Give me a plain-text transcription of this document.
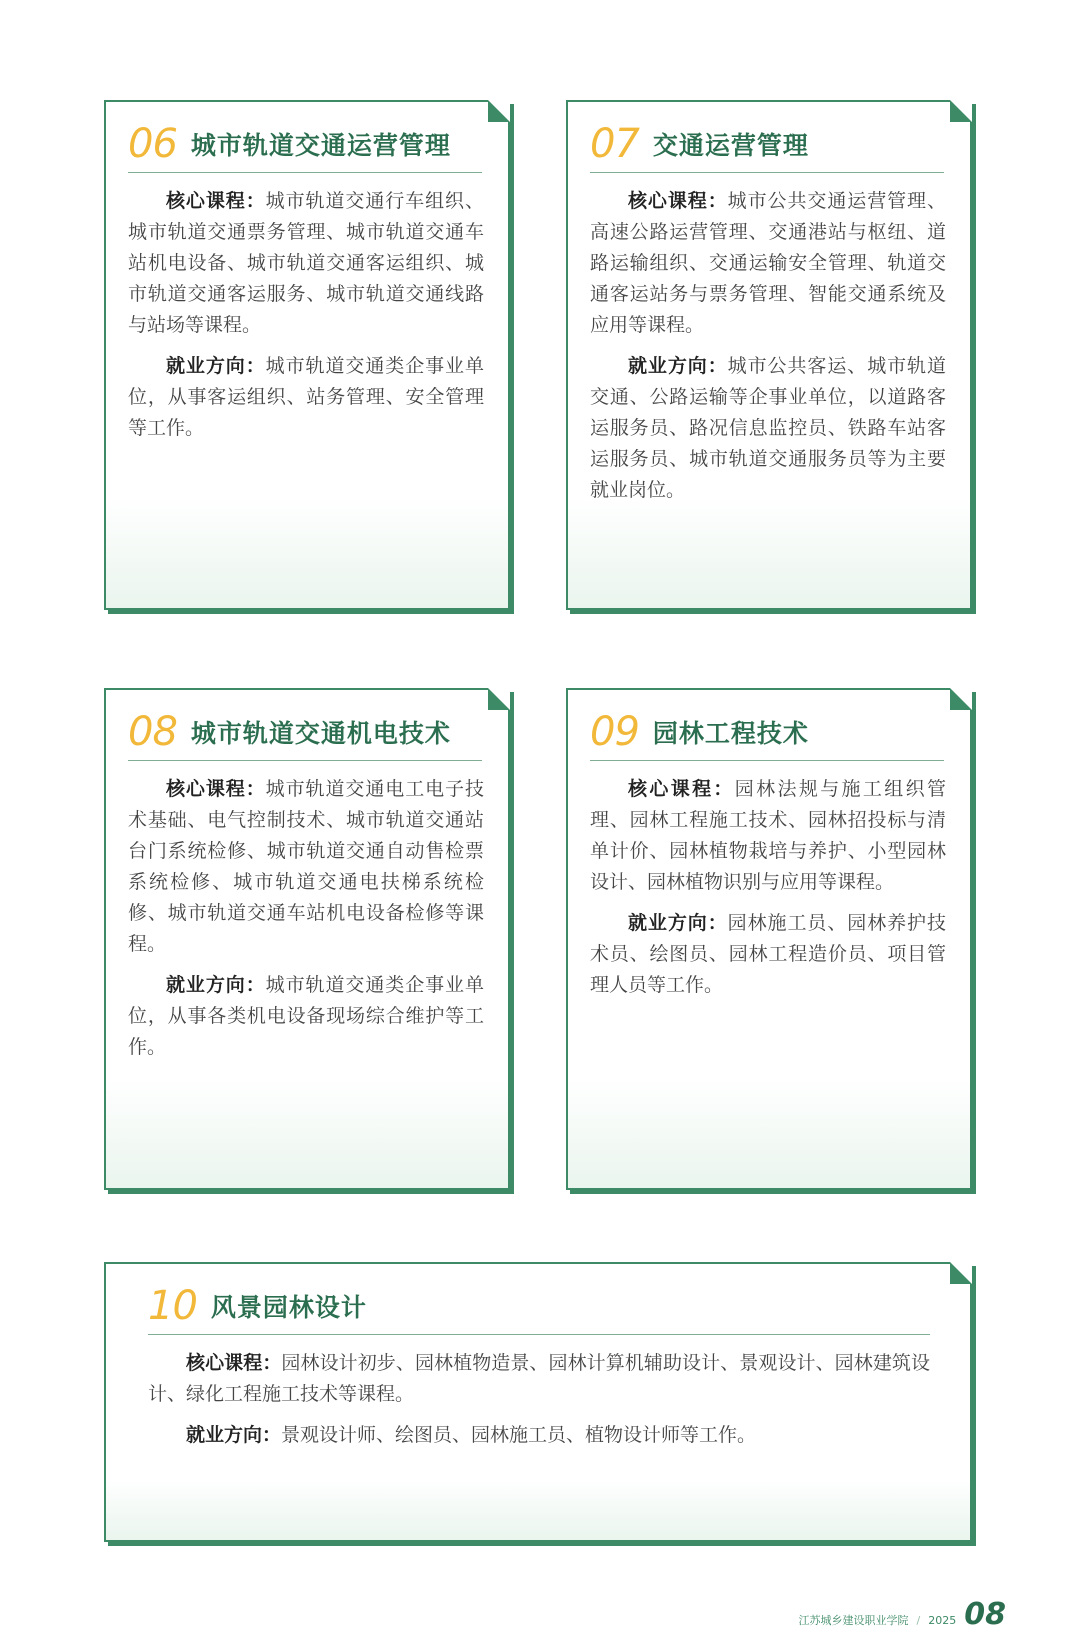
06 城市轨道交通运营管理

核心课程：城市轨道交通行车组织、城市轨道交通票务管理、城市轨道交通车站机电设备、城市轨道交通客运组织、城市轨道交通客运服务、城市轨道交通线路与站场等课程。

就业方向：城市轨道交通类企事业单位，从事客运组织、站务管理、安全管理等工作。

07 交通运营管理

核心课程：城市公共交通运营管理、高速公路运营管理、交通港站与枢纽、道路运输组织、交通运输安全管理、轨道交通客运站务与票务管理、智能交通系统及应用等课程。

就业方向：城市公共客运、城市轨道交通、公路运输等企事业单位，以道路客运服务员、路况信息监控员、铁路车站客运服务员、城市轨道交通服务员等为主要就业岗位。

08 城市轨道交通机电技术

核心课程：城市轨道交通电工电子技术基础、电气控制技术、城市轨道交通站台门系统检修、城市轨道交通自动售检票系统检修、城市轨道交通电扶梯系统检修、城市轨道交通车站机电设备检修等课程。

就业方向：城市轨道交通类企事业单位，从事各类机电设备现场综合维护等工作。

09 园林工程技术

核心课程：园林法规与施工组织管理、园林工程施工技术、园林招投标与清单计价、园林植物栽培与养护、小型园林设计、园林植物识别与应用等课程。

就业方向：园林施工员、园林养护技术员、绘图员、园林工程造价员、项目管理人员等工作。

10 风景园林设计

核心课程：园林设计初步、园林植物造景、园林计算机辅助设计、景观设计、园林建筑设计、绿化工程施工技术等课程。

就业方向：景观设计师、绘图员、园林施工员、植物设计师等工作。

江苏城乡建设职业学院 / 2025 08
